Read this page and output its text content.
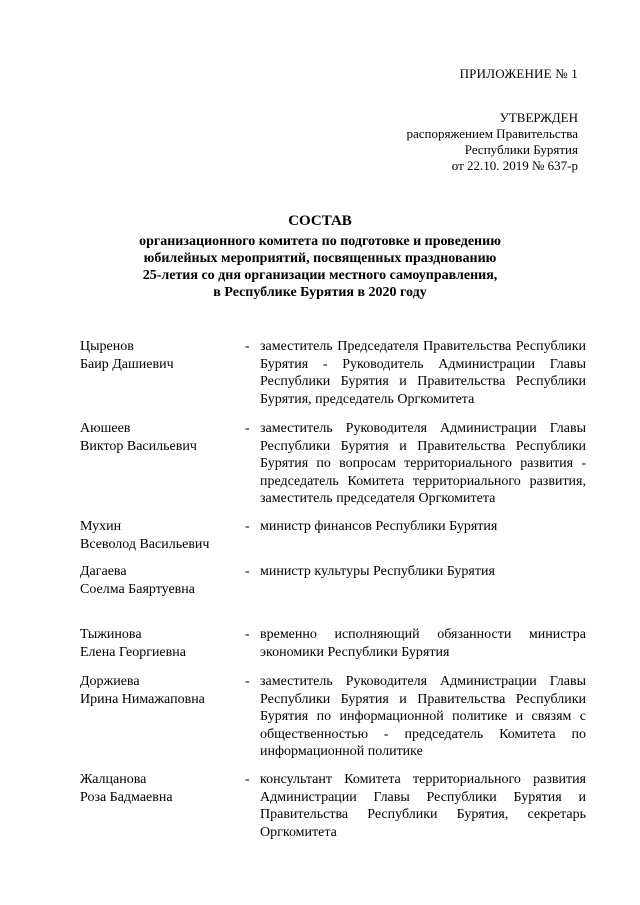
ПРИЛОЖЕНИЕ № 1
УТВЕРЖДЕН
распоряжением Правительства
Республики Бурятия
от 22.10. 2019 № 637-р
СОСТАВ
организационного комитета по подготовке и проведению
юбилейных мероприятий, посвященных празднованию
25-летия со дня организации местного самоуправления,
в Республике Бурятия в 2020 году
Цыренов
Баир Дашиевич
- заместитель Председателя Правительства Республики Бурятия - Руководитель Администрации Главы Республики Бурятия и Правительства Республики Бурятия, председатель Оргкомитета
Аюшеев
Виктор Васильевич
- заместитель Руководителя Администрации Главы Республики Бурятия и Правительства Республики Бурятия по вопросам территориального развития - председатель Комитета территориального развития, заместитель председателя Оргкомитета
Мухин
Всеволод Васильевич
- министр финансов Республики Бурятия
Дагаева
Соелма Баяртуевна
- министр культуры Республики Бурятия
Тыжинова
Елена Георгиевна
- временно исполняющий обязанности министра экономики Республики Бурятия
Доржиева
Ирина Нимажаповна
- заместитель Руководителя Администрации Главы Республики Бурятия и Правительства Республики Бурятия по информационной политике и связям с общественностью - председатель Комитета по информационной политике
Жалцанова
Роза Бадмаевна
- консультант Комитета территориального развития Администрации Главы Республики Бурятия и Правительства Республики Бурятия, секретарь Оргкомитета
